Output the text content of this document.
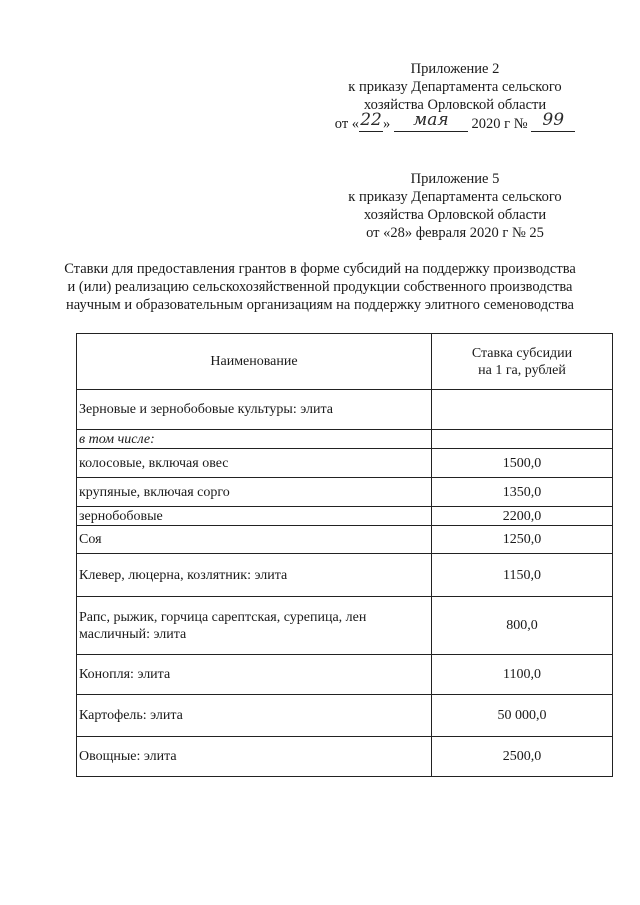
Приложение 2
к приказу Департамента сельского
хозяйства Орловской области
от «22» мая 2020 г № 99
Приложение 5
к приказу Департамента сельского
хозяйства Орловской области
от «28» февраля 2020 г № 25
Ставки для предоставления грантов в форме субсидий на поддержку производства
и (или) реализацию сельскохозяйственной продукции собственного производства
научным и образовательным организациям на поддержку элитного семеноводства
Наименование	Ставка субсидии
на 1 га, рублей

Зерновые и зернобобовые культуры: элита	
в том числе:	
колосовые, включая овес	1500,0
крупяные, включая сорго	1350,0
зернобобовые	2200,0
Соя	1250,0
Клевер, люцерна, козлятник: элита	1150,0
Рапс, рыжик, горчица сарептская, сурепица, лен масличный: элита	800,0
Конопля: элита	1100,0
Картофель: элита	50 000,0
Овощные: элита	2500,0
